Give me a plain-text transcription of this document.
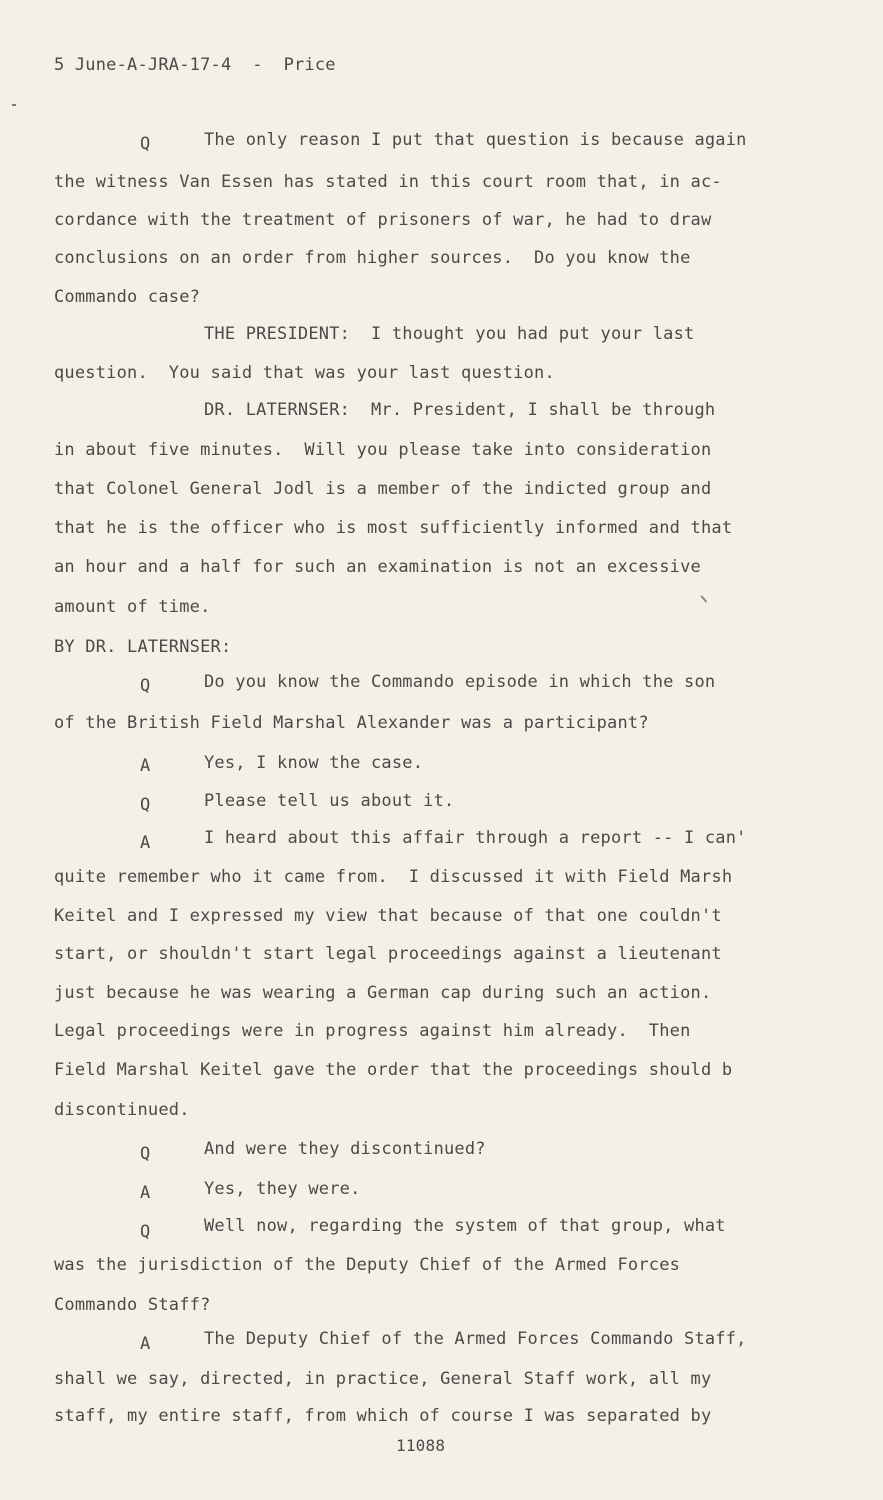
5 June-A-JRA-17-4  -  Price
Q	The only reason I put that question is because again
the witness Van Essen has stated in this court room that, in ac-
cordance with the treatment of prisoners of war, he had to draw
conclusions on an order from higher sources.  Do you know the
Commando case?
THE PRESIDENT:  I thought you had put your last
question.  You said that was your last question.
DR. LATERNSER:  Mr. President, I shall be through
in about five minutes.  Will you please take into consideration
that Colonel General Jodl is a member of the indicted group and
that he is the officer who is most sufficiently informed and that
an hour and a half for such an examination is not an excessive
amount of time.
BY DR. LATERNSER:
Q	Do you know the Commando episode in which the son
of the British Field Marshal Alexander was a participant?
A	Yes, I know the case.
Q	Please tell us about it.
A	I heard about this affair through a report -- I can'
quite remember who it came from.  I discussed it with Field Marsh
Keitel and I expressed my view that because of that one couldn't
start, or shouldn't start legal proceedings against a lieutenant
just because he was wearing a German cap during such an action.
Legal proceedings were in progress against him already.  Then
Field Marshal Keitel gave the order that the proceedings should b
discontinued.
Q	And were they discontinued?
A	Yes, they were.
Q	Well now, regarding the system of that group, what
was the jurisdiction of the Deputy Chief of the Armed Forces
Commando Staff?
A	The Deputy Chief of the Armed Forces Commando Staff,
shall we say, directed, in practice, General Staff work, all my
staff, my entire staff, from which of course I was separated by
11088
